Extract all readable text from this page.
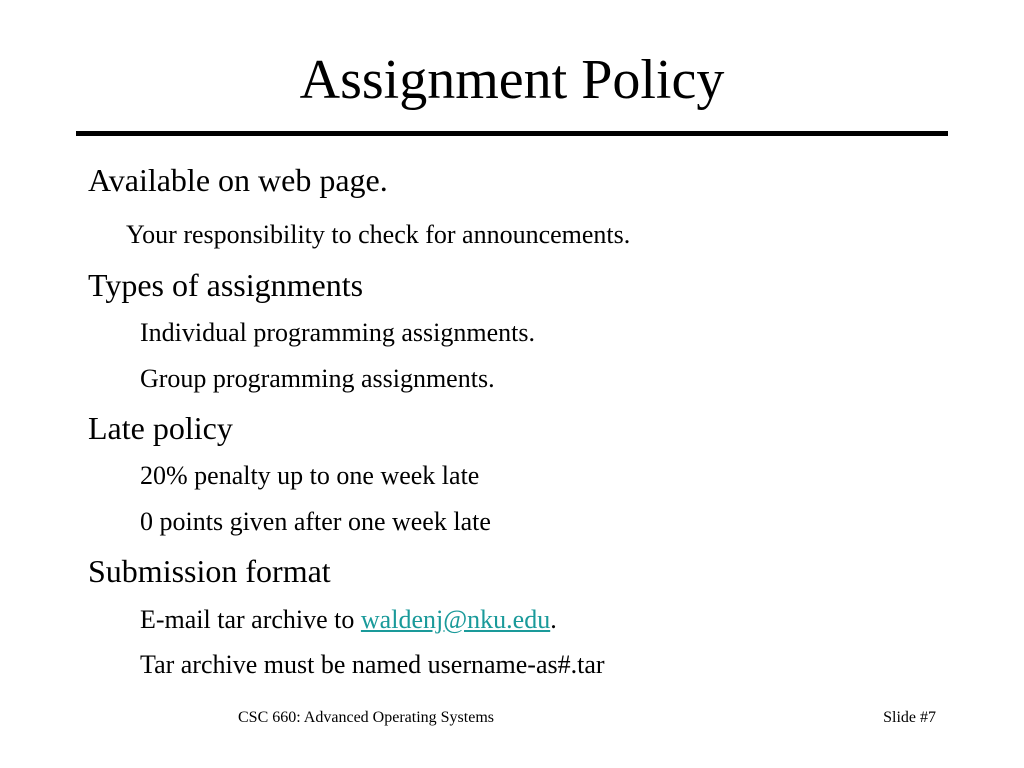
Assignment Policy
Available on web page.
Your responsibility to check for announcements.
Types of assignments
Individual programming assignments.
Group programming assignments.
Late policy
20% penalty up to one week late
0 points given after one week late
Submission format
E-mail tar archive to waldenj@nku.edu.
Tar archive must be named username-as#.tar
CSC 660: Advanced Operating Systems	Slide #7
